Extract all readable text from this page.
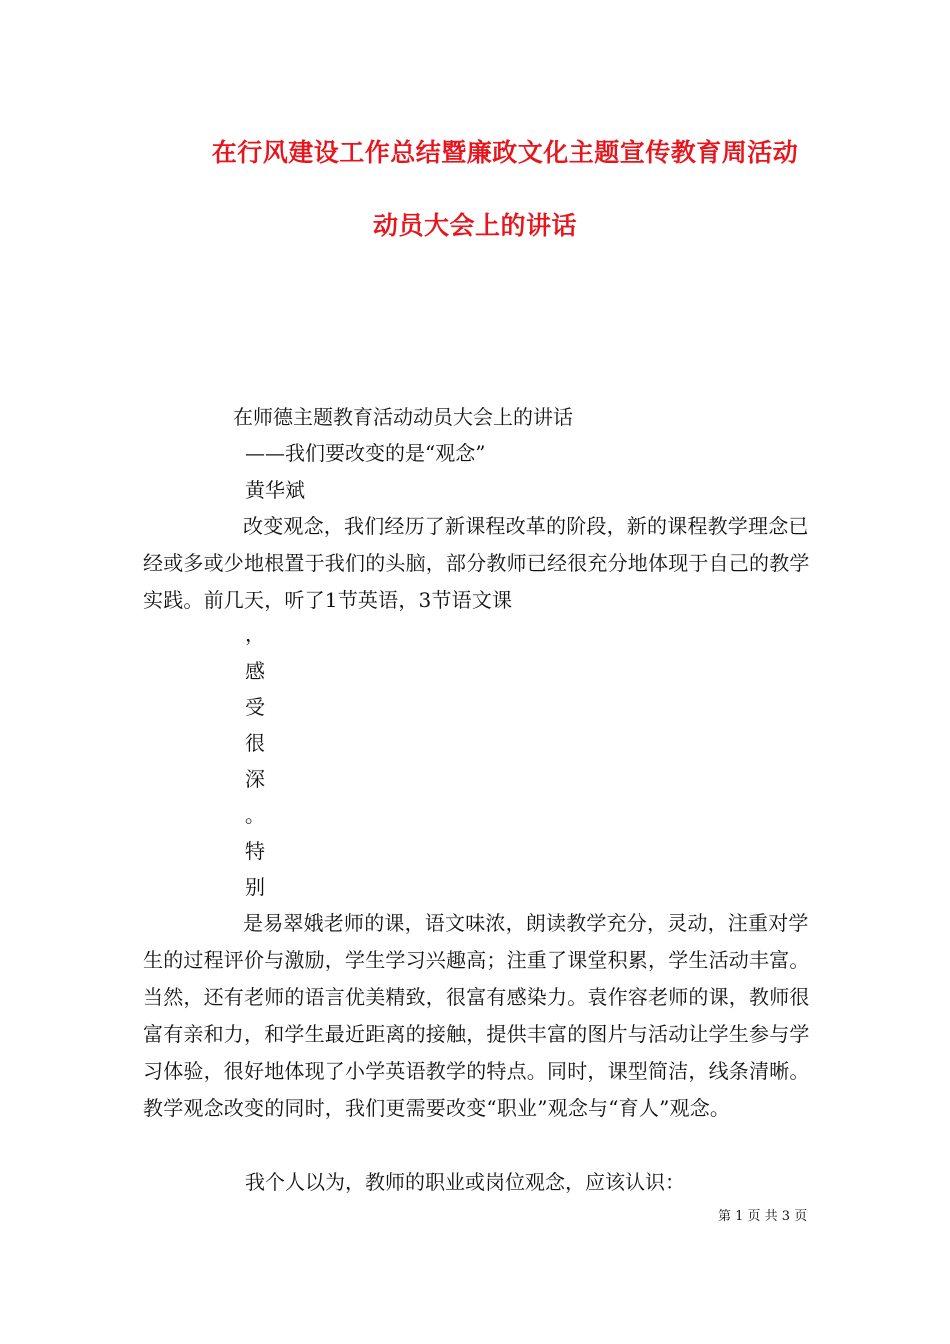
在行风建设工作总结暨廉政文化主题宣传教育周活动
动员大会上的讲话
在师德主题教育活动动员大会上的讲话
——我们要改变的是“观念”
黄华斌

改变观念，我们经历了新课程改革的阶段，新的课程教学理念已经或多或少地根置于我们的头脑，部分教师已经很充分地体现于自己的教学实践。前几天，听了1节英语，3节语文课

，
感
受
很
深
。
特
别

是易翠娥老师的课，语文味浓，朗读教学充分，灵动，注重对学生的过程评价与激励，学生学习兴趣高；注重了课堂积累，学生活动丰富。当然，还有老师的语言优美精致，很富有感染力。袁作容老师的课，教师很富有亲和力，和学生最近距离的接触，提供丰富的图片与活动让学生参与学习体验，很好地体现了小学英语教学的特点。同时，课型简洁，线条清晰。教学观念改变的同时，我们更需要改变“职业”观念与“育人”观念。

我个人以为，教师的职业或岗位观念，应该认识：
第 1 页 共 3 页
